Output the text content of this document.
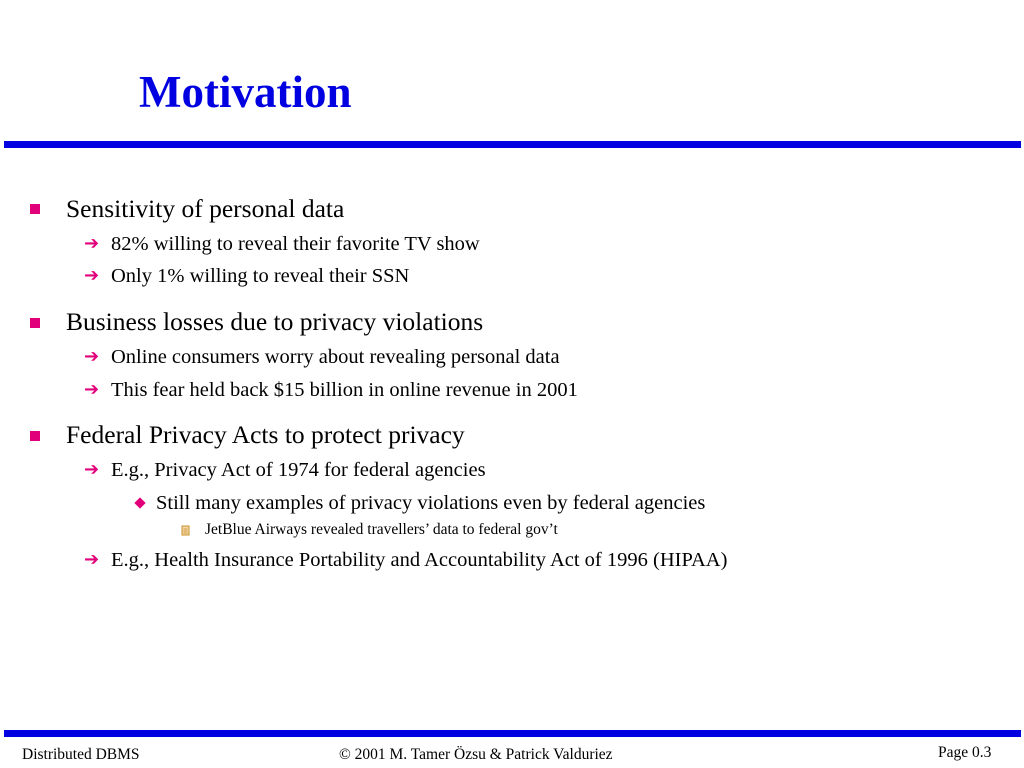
Motivation
Sensitivity of personal data
➔ 82% willing to reveal their favorite TV show
➔ Only 1% willing to reveal their SSN
Business losses due to privacy violations
➔ Online consumers worry about revealing personal data
➔ This fear held back $15 billion in online revenue in 2001
Federal Privacy Acts to protect privacy
➔ E.g., Privacy Act of 1974 for federal agencies
Still many examples of privacy violations even by federal agencies
JetBlue Airways revealed travellers’ data to federal gov’t
➔ E.g., Health Insurance Portability and Accountability Act of 1996 (HIPAA)
Distributed DBMS	© 2001 M. Tamer Özsu & Patrick Valduriez	Page 0.3
